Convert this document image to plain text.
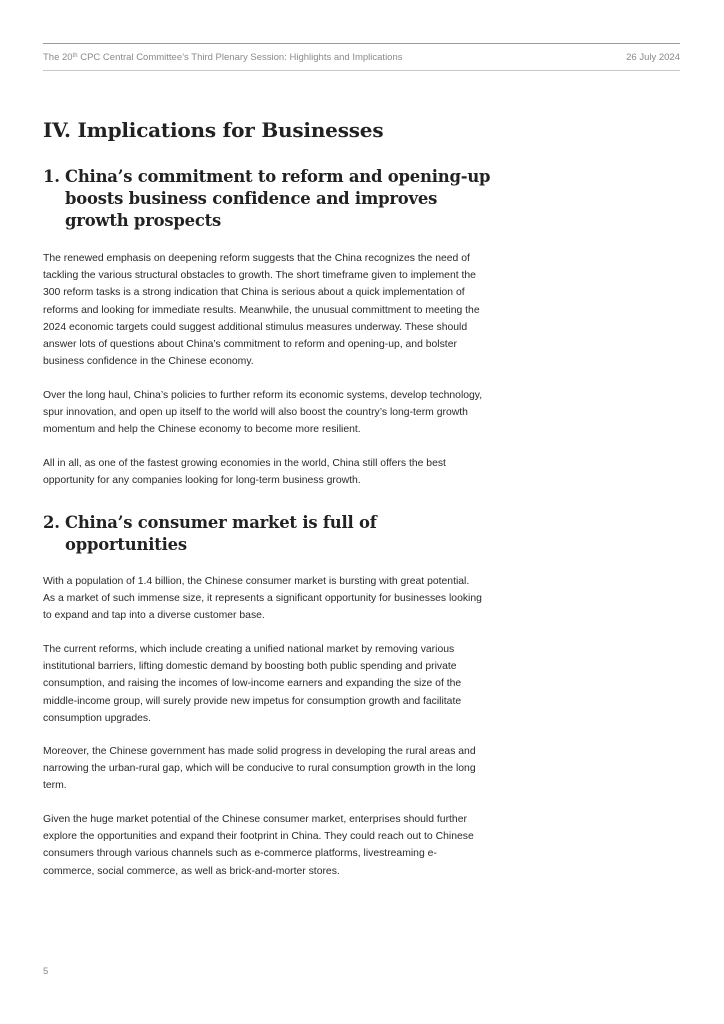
The 20th CPC Central Committee’s Third Plenary Session: Highlights and Implications	26 July 2024
IV. Implications for Businesses
1. China’s commitment to reform and opening-up boosts business confidence and improves growth prospects

The renewed emphasis on deepening reform suggests that the China recognizes the need of tackling the various structural obstacles to growth. The short timeframe given to implement the 300 reform tasks is a strong indication that China is serious about a quick implementation of reforms and looking for immediate results. Meanwhile, the unusual committment to meeting the 2024 economic targets could suggest additional stimulus measures underway. These should answer lots of questions about China’s commitment to reform and opening-up, and bolster business confidence in the Chinese economy.

Over the long haul, China’s policies to further reform its economic systems, develop technology, spur innovation, and open up itself to the world will also boost the country’s long-term growth momentum and help the Chinese economy to become more resilient.

All in all, as one of the fastest growing economies in the world, China still offers the best opportunity for any companies looking for long-term business growth.

2. China’s consumer market is full of opportunities

With a population of 1.4 billion, the Chinese consumer market is bursting with great potential. As a market of such immense size, it represents a significant opportunity for businesses looking to expand and tap into a diverse customer base.

The current reforms, which include creating a unified national market by removing various institutional barriers, lifting domestic demand by boosting both public spending and private consumption, and raising the incomes of low-income earners and expanding the size of the middle-income group, will surely provide new impetus for consumption growth and facilitate consumption upgrades.

Moreover, the Chinese government has made solid progress in developing the rural areas and narrowing the urban-rural gap, which will be conducive to rural consumption growth in the long term.

Given the huge market potential of the Chinese consumer market, enterprises should further explore the opportunities and expand their footprint in China. They could reach out to Chinese consumers through various channels such as e-commerce platforms, livestreaming e-commerce, social commerce, as well as brick-and-morter stores.

5
